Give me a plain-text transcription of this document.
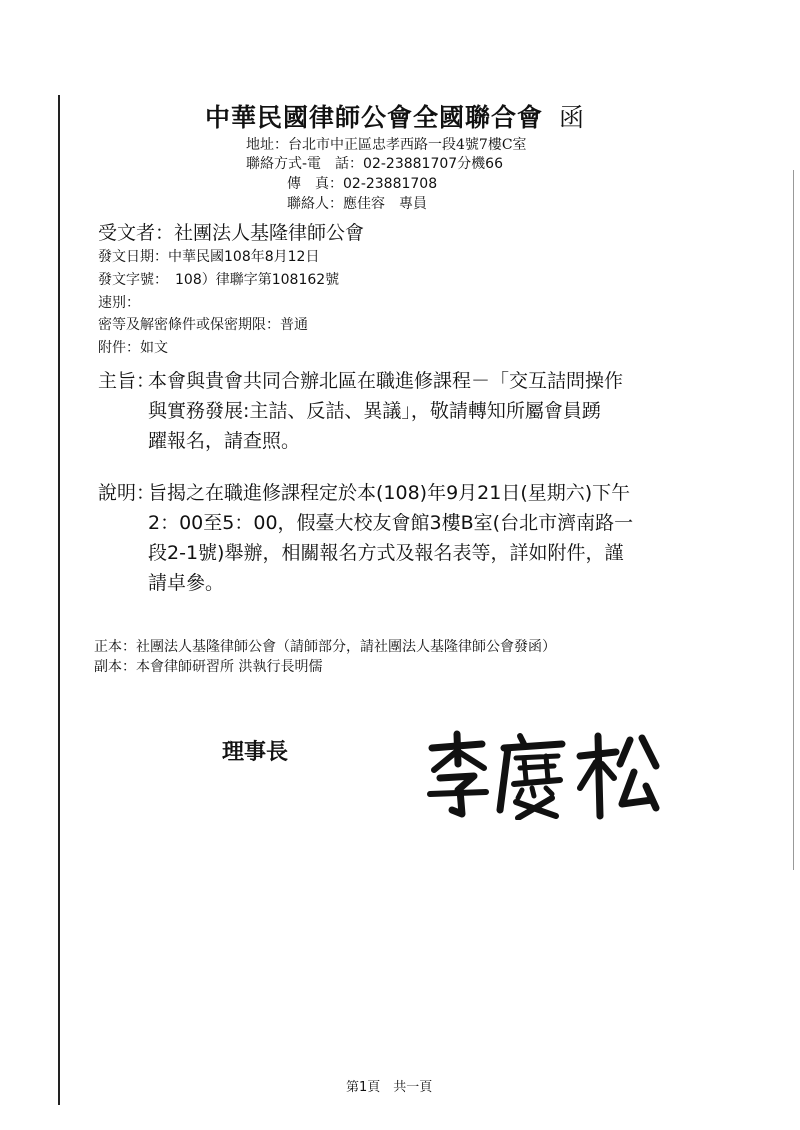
中華民國律師公會全國聯合會 函
地址：台北市中正區忠孝西路一段4號7樓C室
聯絡方式-電　話：02-23881707分機66
傳　真：02-23881708
聯絡人：應佳容　專員
受文者：社團法人基隆律師公會
發文日期：中華民國108年8月12日
發文字號：　108）律聯字第108162號
速別：
密等及解密條件或保密期限：普通
附件：如文
主旨：
本會與貴會共同合辦北區在職進修課程－「交互詰問操作
與實務發展:主詰、反詰、異議」，敬請轉知所屬會員踴
躍報名，請查照。
說明：
旨揭之在職進修課程定於本(108)年9月21日(星期六)下午
2：00至5：00，假臺大校友會館3樓B室(台北市濟南路一
段2-1號)舉辦，相關報名方式及報名表等，詳如附件，謹
請卓參。
正本：社團法人基隆律師公會（請師部分，請社團法人基隆律師公會發函）
副本：本會律師研習所 洪執行長明儒
理事長
第1頁　共一頁
